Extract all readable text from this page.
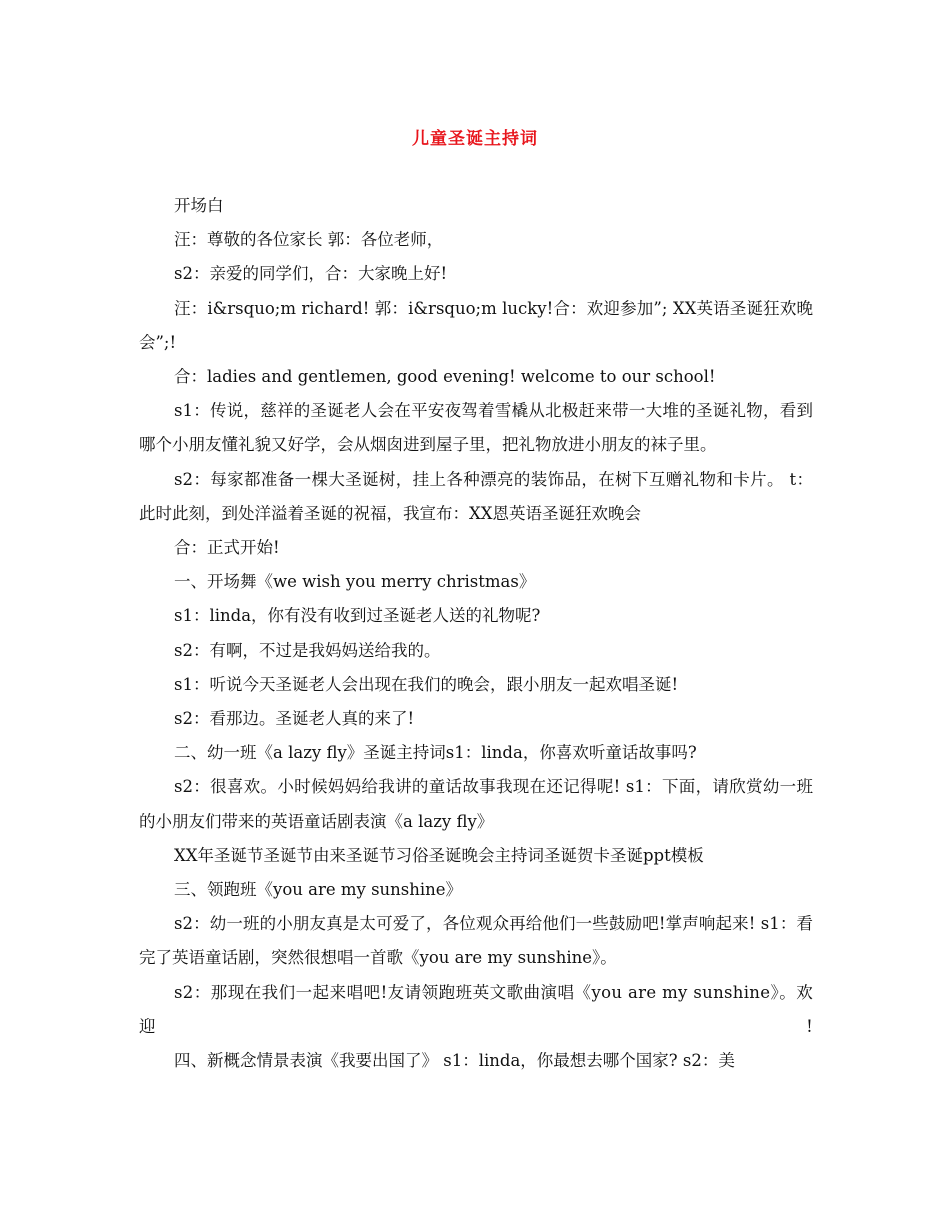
儿童圣诞主持词

开场白

汪：尊敬的各位家长 郭：各位老师，

s2：亲爱的同学们，合：大家晚上好!

汪：i&rsquo;m richard! 郭：i&rsquo;m lucky!合：欢迎参加”; XX英语圣诞狂欢晚会”;!

合：ladies and gentlemen, good evening! welcome to our school!

s1：传说，慈祥的圣诞老人会在平安夜驾着雪橇从北极赶来带一大堆的圣诞礼物，看到哪个小朋友懂礼貌又好学，会从烟囱进到屋子里，把礼物放进小朋友的袜子里。

s2：每家都准备一棵大圣诞树，挂上各种漂亮的装饰品，在树下互赠礼物和卡片。 t：此时此刻，到处洋溢着圣诞的祝福，我宣布：XX恩英语圣诞狂欢晚会

合：正式开始!

一、开场舞《we wish you merry christmas》

s1：linda，你有没有收到过圣诞老人送的礼物呢?

s2：有啊，不过是我妈妈送给我的。

s1：听说今天圣诞老人会出现在我们的晚会，跟小朋友一起欢唱圣诞!

s2：看那边。圣诞老人真的来了!

二、幼一班《a lazy fly》圣诞主持词s1：linda，你喜欢听童话故事吗?

s2：很喜欢。小时候妈妈给我讲的童话故事我现在还记得呢! s1：下面，请欣赏幼一班的小朋友们带来的英语童话剧表演《a lazy fly》

XX年圣诞节圣诞节由来圣诞节习俗圣诞晚会主持词圣诞贺卡圣诞ppt模板

三、领跑班《you are my sunshine》

s2：幼一班的小朋友真是太可爱了，各位观众再给他们一些鼓励吧!掌声响起来! s1：看完了英语童话剧，突然很想唱一首歌《you are my sunshine》。

s2：那现在我们一起来唱吧!友请领跑班英文歌曲演唱《you are my sunshine》。欢迎!

四、新概念情景表演《我要出国了》 s1：linda，你最想去哪个国家? s2：美
